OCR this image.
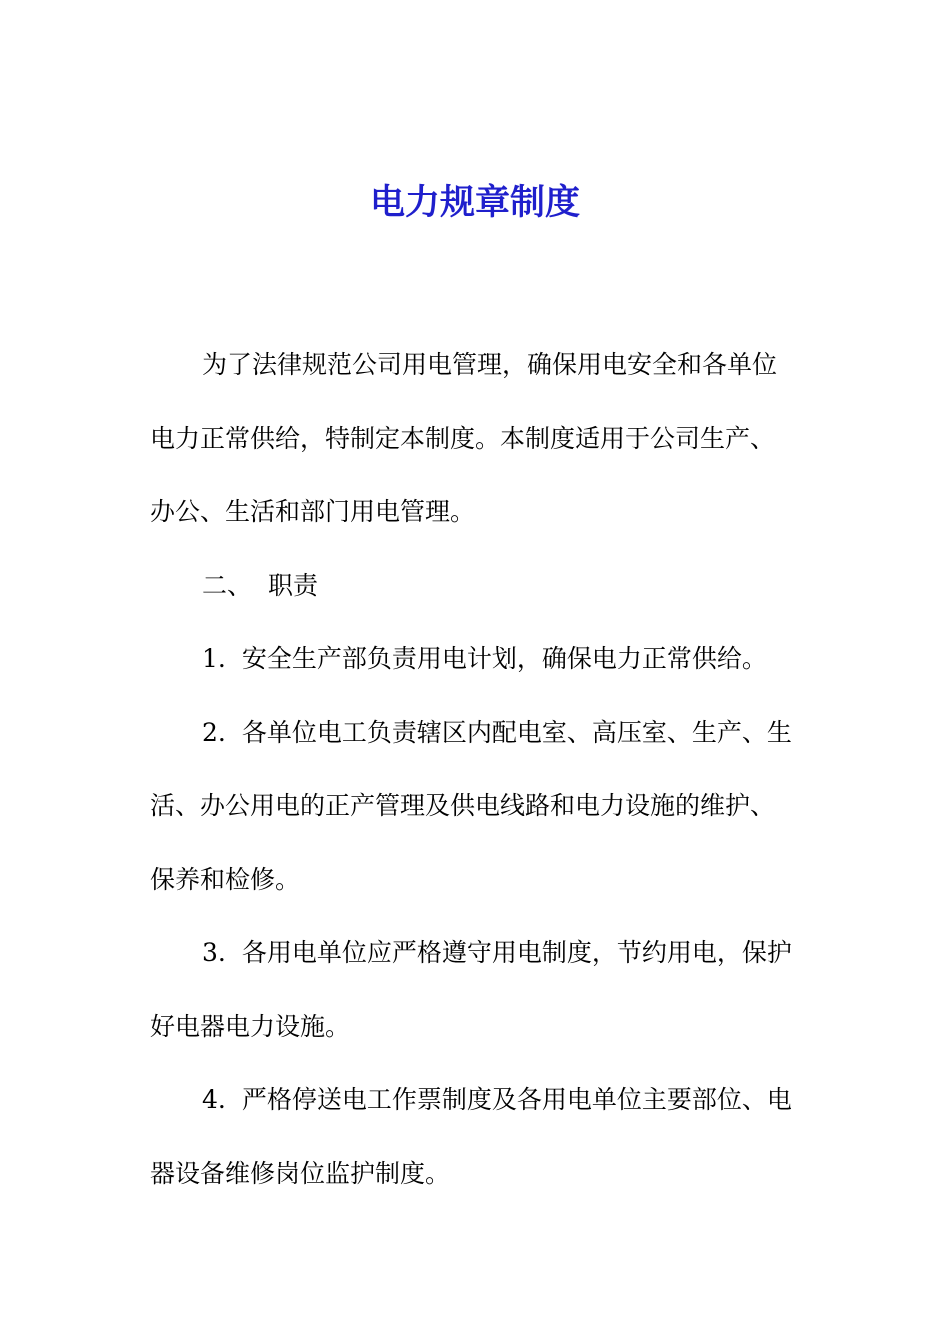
电力规章制度
为了法律规范公司用电管理，确保用电安全和各单位
电力正常供给，特制定本制度。本制度适用于公司生产、
办公、生活和部门用电管理。
二、 职责
1. 安全生产部负责用电计划，确保电力正常供给。
2. 各单位电工负责辖区内配电室、高压室、生产、生
活、办公用电的正产管理及供电线路和电力设施的维护、
保养和检修。
3. 各用电单位应严格遵守用电制度，节约用电，保护
好电器电力设施。
4. 严格停送电工作票制度及各用电单位主要部位、电
器设备维修岗位监护制度。
